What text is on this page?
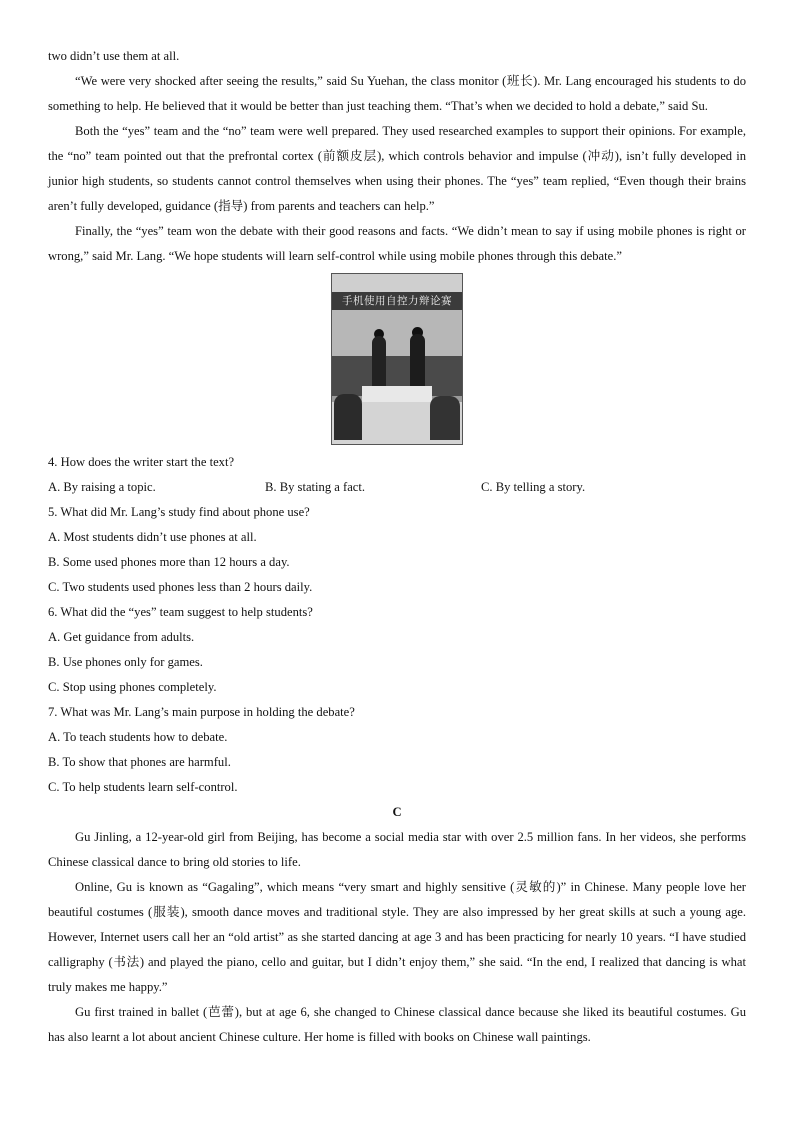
two didn’t use them at all.

“We were very shocked after seeing the results,” said Su Yuehan, the class monitor (班长). Mr. Lang encouraged his students to do something to help. He believed that it would be better than just teaching them. “That’s when we decided to hold a debate,” said Su.

Both the “yes” team and the “no” team were well prepared. They used researched examples to support their opinions. For example, the “no” team pointed out that the prefrontal cortex (前额皮层), which controls behavior and impulse (冲动), isn’t fully developed in junior high students, so students cannot control themselves when using their phones. The “yes” team replied, “Even though their brains aren’t fully developed, guidance (指导) from parents and teachers can help.”

Finally, the “yes” team won the debate with their good reasons and facts. “We didn’t mean to say if using mobile phones is right or wrong,” said Mr. Lang. “We hope students will learn self-control while using mobile phones through this debate.”

手机使用自控力辩论赛

4. How does the writer start the text?

A. By raising a topic.	B. By stating a fact.	C. By telling a story.

5. What did Mr. Lang’s study find about phone use?

A. Most students didn’t use phones at all.

B. Some used phones more than 12 hours a day.

C. Two students used phones less than 2 hours daily.

6. What did the “yes” team suggest to help students?

A. Get guidance from adults.

B. Use phones only for games.

C. Stop using phones completely.

7. What was Mr. Lang’s main purpose in holding the debate?

A. To teach students how to debate.

B. To show that phones are harmful.

C. To help students learn self-control.

C

Gu Jinling, a 12-year-old girl from Beijing, has become a social media star with over 2.5 million fans. In her videos, she performs Chinese classical dance to bring old stories to life.

Online, Gu is known as “Gagaling”, which means “very smart and highly sensitive (灵敏的)” in Chinese. Many people love her beautiful costumes (服装), smooth dance moves and traditional style. They are also impressed by her great skills at such a young age. However, Internet users call her an “old artist” as she started dancing at age 3 and has been practicing for nearly 10 years. “I have studied calligraphy (书法) and played the piano, cello and guitar, but I didn’t enjoy them,” she said. “In the end, I realized that dancing is what truly makes me happy.”

Gu first trained in ballet (芭蕾), but at age 6, she changed to Chinese classical dance because she liked its beautiful costumes. Gu has also learnt a lot about ancient Chinese culture. Her home is filled with books on Chinese wall paintings.
